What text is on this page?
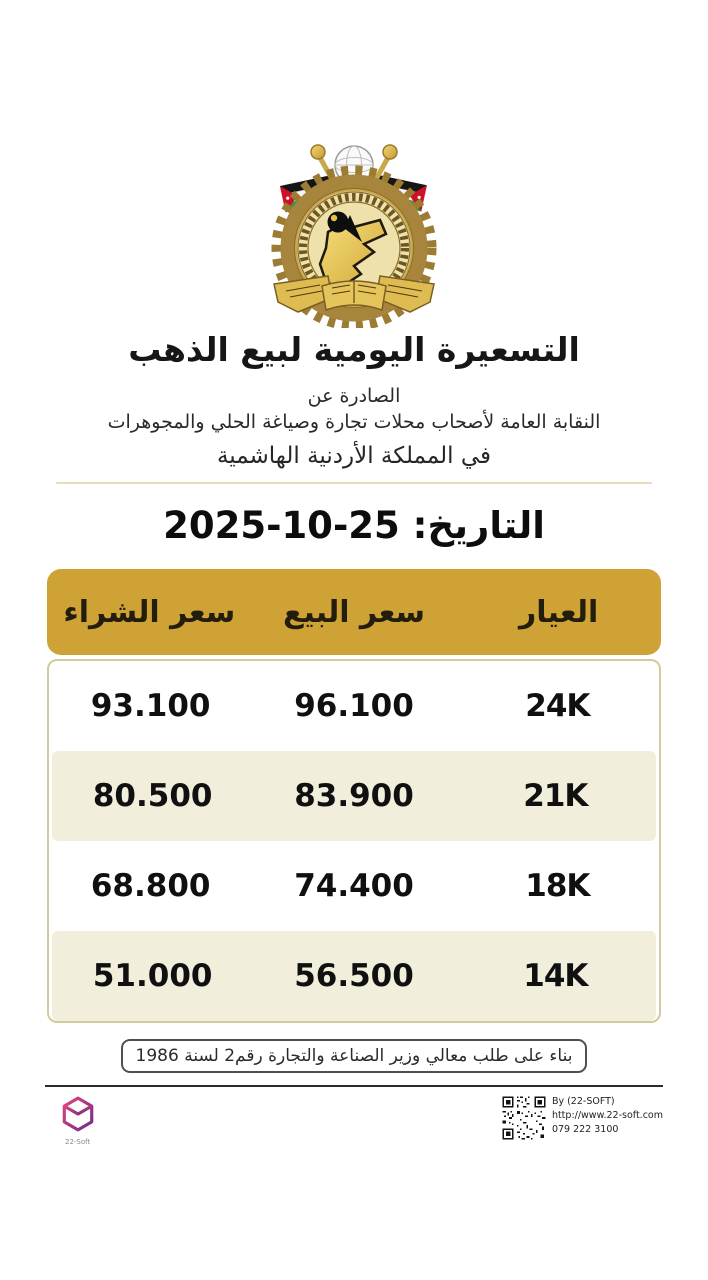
التسعيرة اليومية لبيع الذهب
الصادرة عن
النقابة العامة لأصحاب محلات تجارة وصياغة الحلي والمجوهرات
في المملكة الأردنية الهاشمية
التاريخ: 25-10-2025
العيار
سعر البيع
سعر الشراء
24K
96.100
93.100
21K
83.900
80.500
18K
74.400
68.800
14K
56.500
51.000
بناء على طلب معالي وزير الصناعة والتجارة رقم2 لسنة 1986
22-Soft
By (22-SOFT)
http://www.22-soft.com
079 222 3100
